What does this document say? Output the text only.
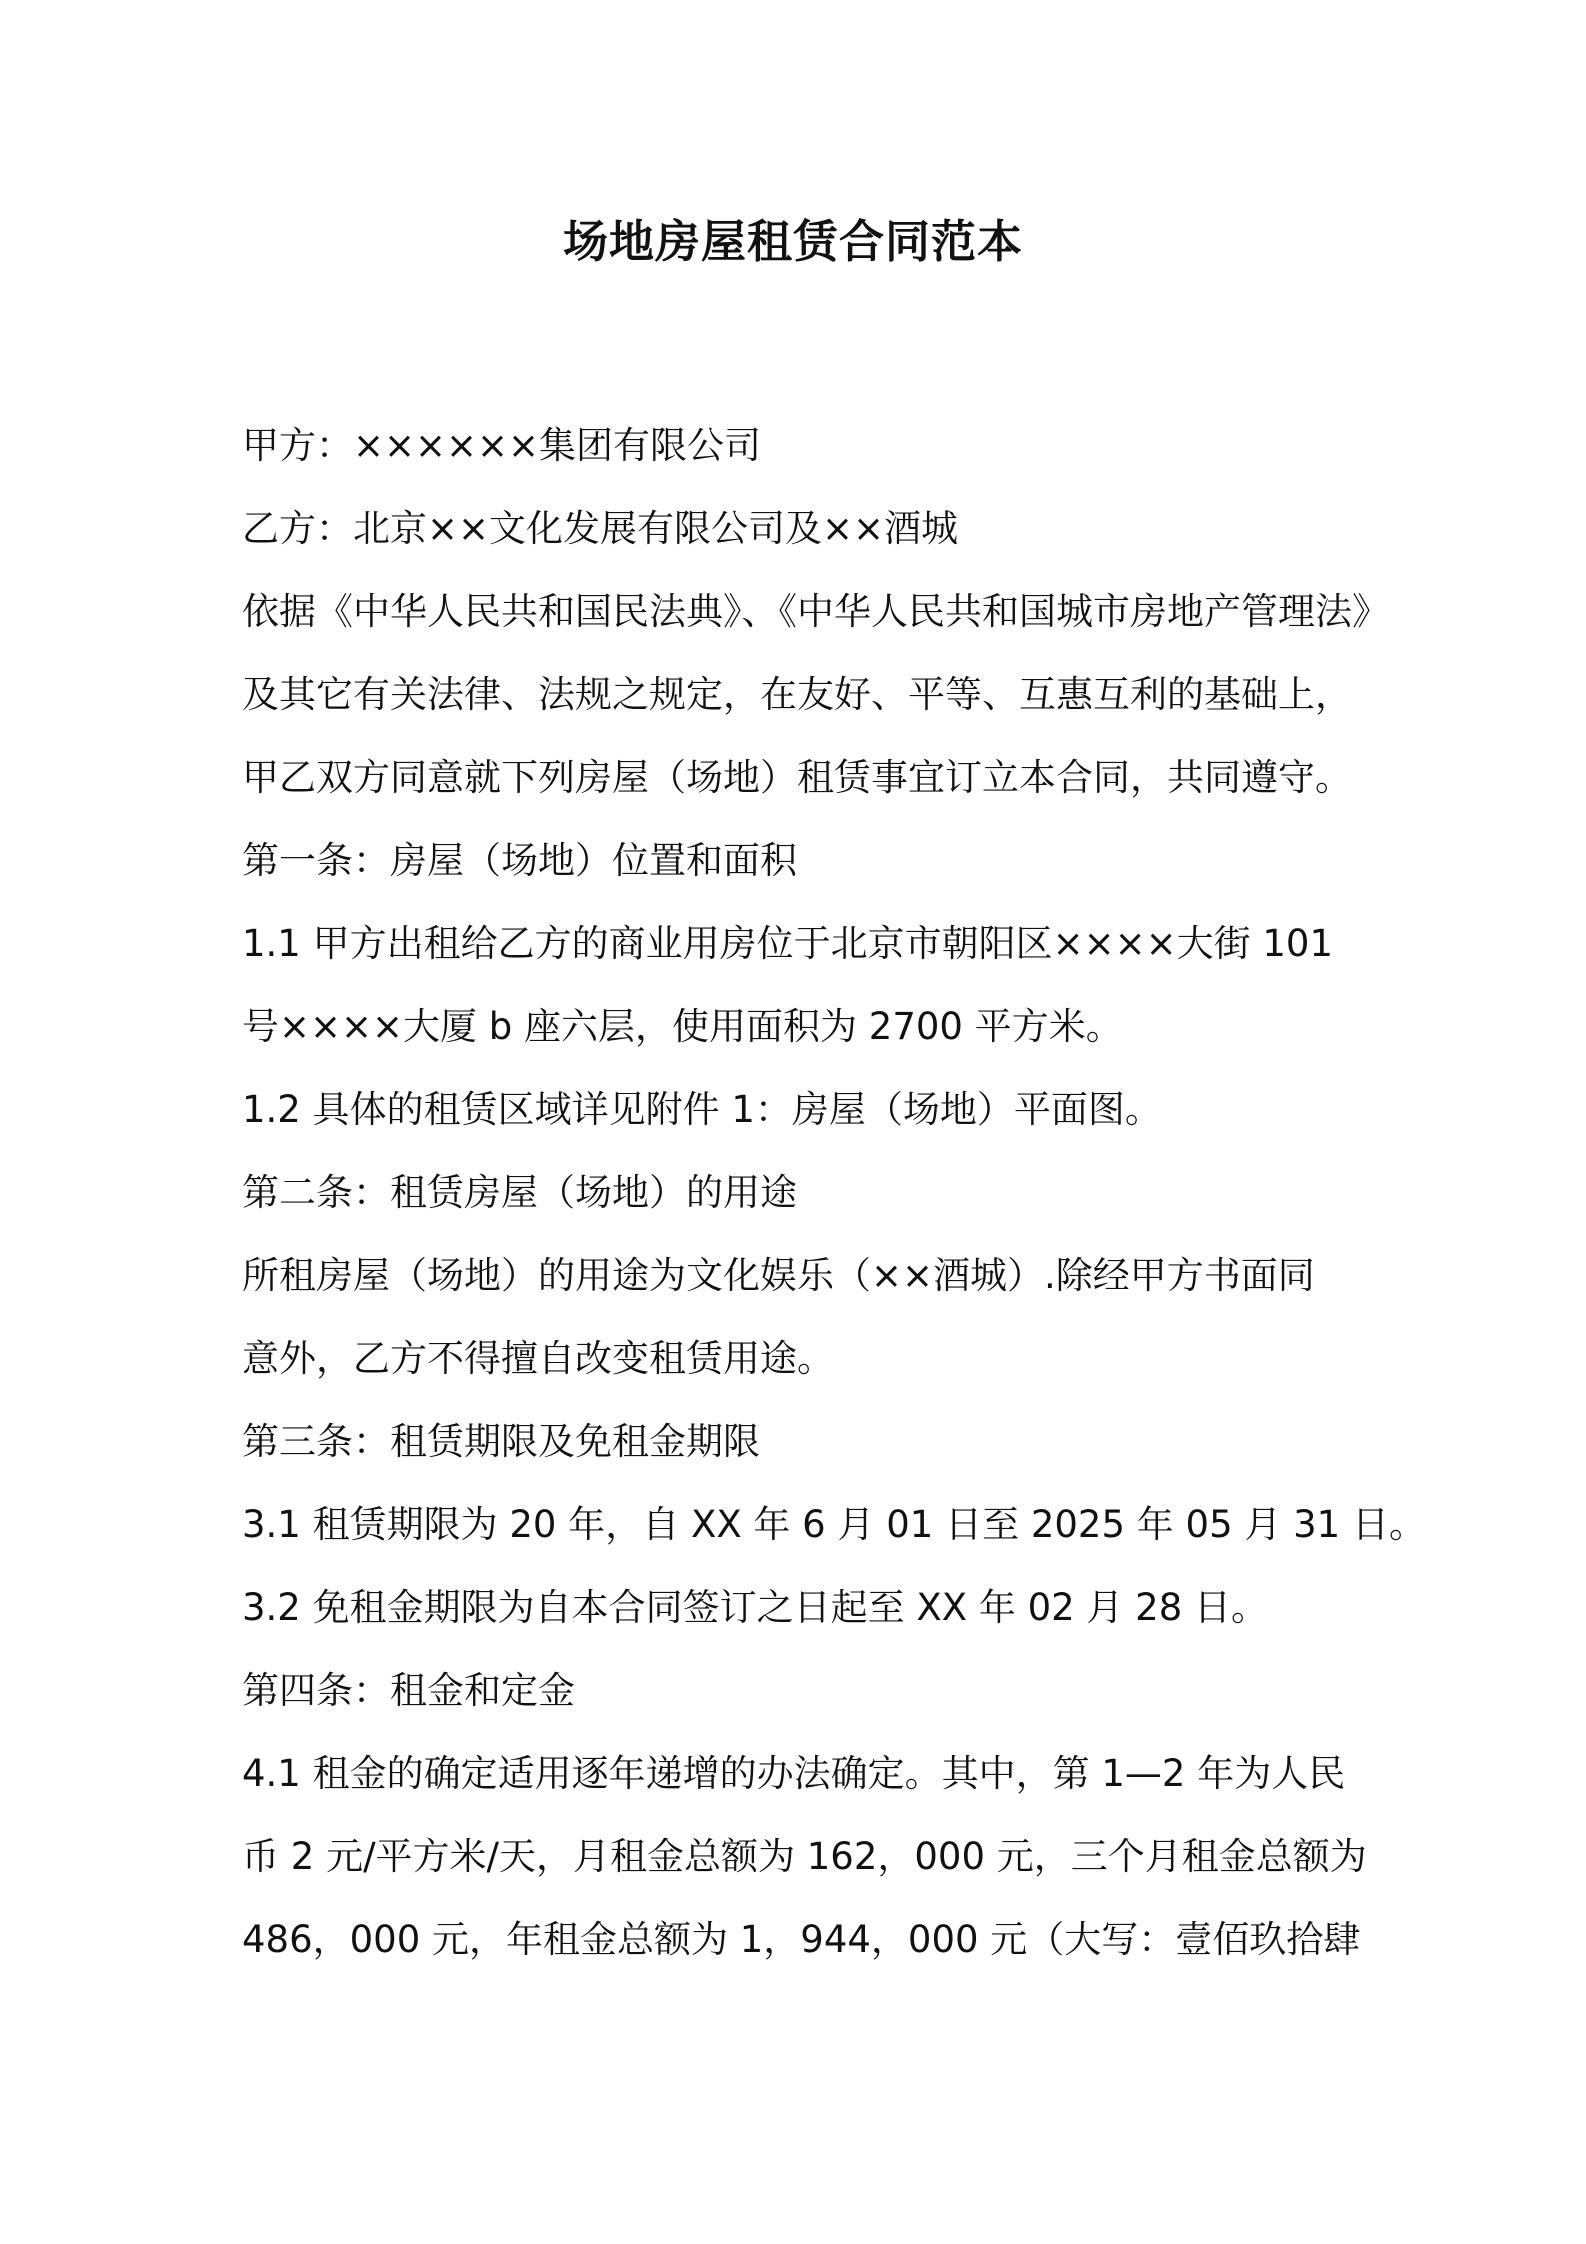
场地房屋租赁合同范本
甲方：××××××集团有限公司
乙方：北京××文化发展有限公司及××酒城
依据《中华人民共和国民法典》、《中华人民共和国城市房地产管理法》
及其它有关法律、法规之规定，在友好、平等、互惠互利的基础上，
甲乙双方同意就下列房屋（场地）租赁事宜订立本合同，共同遵守。
第一条：房屋（场地）位置和面积
1.1 甲方出租给乙方的商业用房位于北京市朝阳区××××大街 101
号××××大厦 b 座六层，使用面积为 2700 平方米。
1.2 具体的租赁区域详见附件 1：房屋（场地）平面图。
第二条：租赁房屋（场地）的用途
所租房屋（场地）的用途为文化娱乐（××酒城）.除经甲方书面同
意外，乙方不得擅自改变租赁用途。
第三条：租赁期限及免租金期限
3.1 租赁期限为 20 年，自 XX 年 6 月 01 日至 2025 年 05 月 31 日。
3.2 免租金期限为自本合同签订之日起至 XX 年 02 月 28 日。
第四条：租金和定金
4.1 租金的确定适用逐年递增的办法确定。其中，第 1—2 年为人民
币 2 元/平方米/天，月租金总额为 162，000 元，三个月租金总额为
486，000 元，年租金总额为 1，944，000 元（大写：壹佰玖拾肆
